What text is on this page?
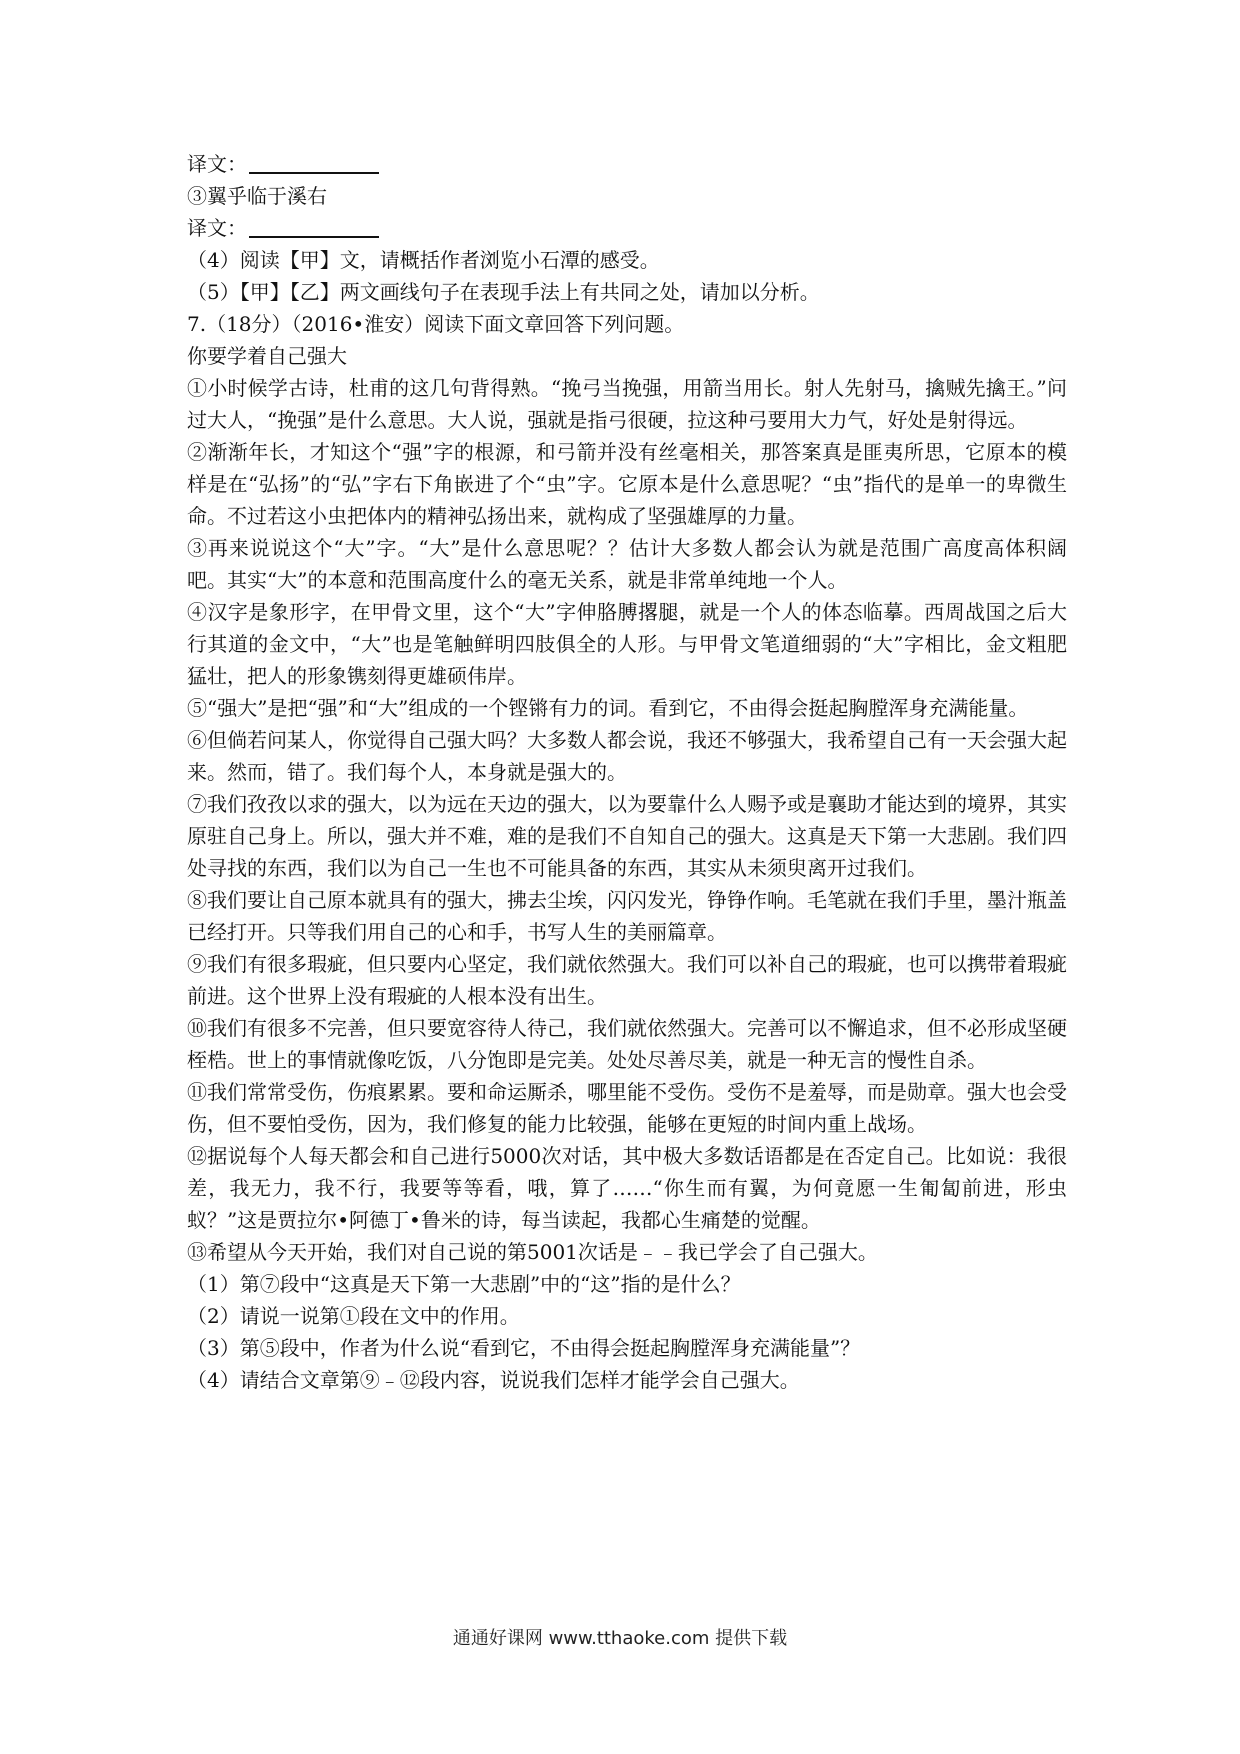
译文：

③翼乎临于溪右

译文：

（4）阅读【甲】文，请概括作者浏览小石潭的感受。

（5）【甲】【乙】两文画线句子在表现手法上有共同之处，请加以分析。

7.（18分）（2016•淮安）阅读下面文章回答下列问题。

你要学着自己强大

①小时候学古诗，杜甫的这几句背得熟。“挽弓当挽强，用箭当用长。射人先射马，擒贼先擒王。”问过大人，“挽强”是什么意思。大人说，强就是指弓很硬，拉这种弓要用大力气，好处是射得远。

②渐渐年长，才知这个“强”字的根源，和弓箭并没有丝毫相关，那答案真是匪夷所思，它原本的模样是在“弘扬”的“弘”字右下角嵌进了个“虫”字。它原本是什么意思呢？“虫”指代的是单一的卑微生命。不过若这小虫把体内的精神弘扬出来，就构成了坚强雄厚的力量。

③再来说说这个“大”字。“大”是什么意思呢？？估计大多数人都会认为就是范围广高度高体积阔吧。其实“大”的本意和范围高度什么的毫无关系，就是非常单纯地一个人。

④汉字是象形字，在甲骨文里，这个“大”字伸胳膊撂腿，就是一个人的体态临摹。西周战国之后大行其道的金文中，“大”也是笔触鲜明四肢俱全的人形。与甲骨文笔道细弱的“大”字相比，金文粗肥猛壮，把人的形象镌刻得更雄硕伟岸。

⑤“强大”是把“强”和“大”组成的一个铿锵有力的词。看到它，不由得会挺起胸膛浑身充满能量。

⑥但倘若问某人，你觉得自己强大吗？大多数人都会说，我还不够强大，我希望自己有一天会强大起来。然而，错了。我们每个人，本身就是强大的。

⑦我们孜孜以求的强大，以为远在天边的强大，以为要靠什么人赐予或是襄助才能达到的境界，其实原驻自己身上。所以，强大并不难，难的是我们不自知自己的强大。这真是天下第一大悲剧。我们四处寻找的东西，我们以为自己一生也不可能具备的东西，其实从未须臾离开过我们。

⑧我们要让自己原本就具有的强大，拂去尘埃，闪闪发光，铮铮作响。毛笔就在我们手里，墨汁瓶盖已经打开。只等我们用自己的心和手，书写人生的美丽篇章。

⑨我们有很多瑕疵，但只要内心坚定，我们就依然强大。我们可以补自己的瑕疵，也可以携带着瑕疵前进。这个世界上没有瑕疵的人根本没有出生。

⑩我们有很多不完善，但只要宽容待人待己，我们就依然强大。完善可以不懈追求，但不必形成坚硬桎梏。世上的事情就像吃饭，八分饱即是完美。处处尽善尽美，就是一种无言的慢性自杀。

⑪我们常常受伤，伤痕累累。要和命运厮杀，哪里能不受伤。受伤不是羞辱，而是勋章。强大也会受伤，但不要怕受伤，因为，我们修复的能力比较强，能够在更短的时间内重上战场。

⑫据说每个人每天都会和自己进行5000次对话，其中极大多数话语都是在否定自己。比如说：我很差，我无力，我不行，我要等等看，哦，算了……“你生而有翼，为何竟愿一生匍匐前进，形虫蚁？”这是贾拉尔•阿德丁•鲁米的诗，每当读起，我都心生痛楚的觉醒。

⑬希望从今天开始，我们对自己说的第5001次话是﹣﹣我已学会了自己强大。

（1）第⑦段中“这真是天下第一大悲剧”中的“这”指的是什么？

（2）请说一说第①段在文中的作用。

（3）第⑤段中，作者为什么说“看到它，不由得会挺起胸膛浑身充满能量”？

（4）请结合文章第⑨﹣⑫段内容，说说我们怎样才能学会自己强大。

通通好课网 www.tthaoke.com 提供下载
